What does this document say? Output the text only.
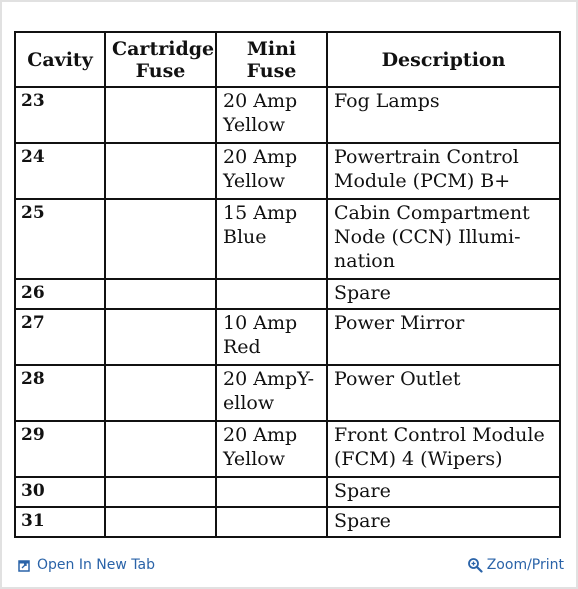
Cavity	Cartridge Fuse	Mini Fuse	Description
23		20 Amp Yellow	Fog Lamps
24		20 Amp Yellow	Powertrain Control Module (PCM) B+
25		15 Amp Blue	Cabin Compartment Node (CCN) Illumi- nation
26			Spare
27		10 Amp Red	Power Mirror
28		20 AmpY- ellow	Power Outlet
29		20 Amp Yellow	Front Control Module (FCM) 4 (Wipers)
30			Spare
31			Spare
Open In New Tab	Zoom/Print
